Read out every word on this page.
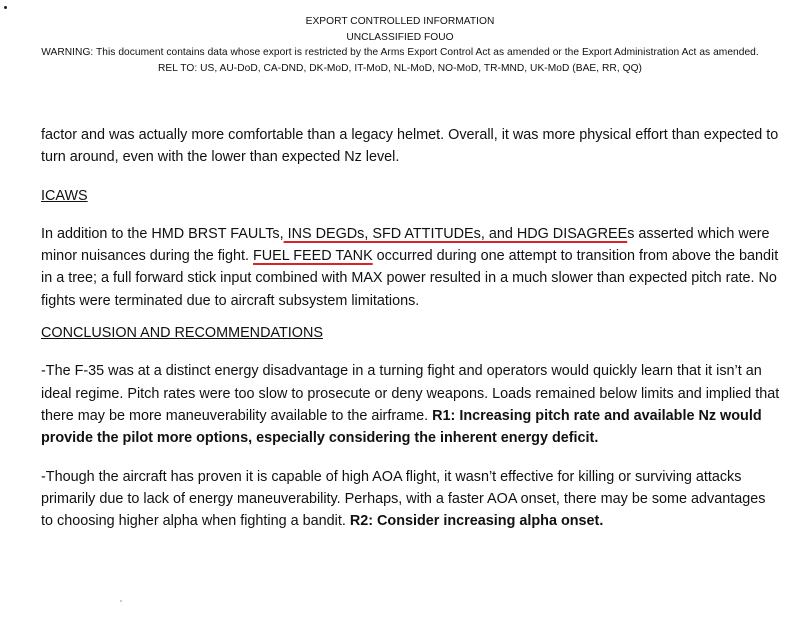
EXPORT CONTROLLED INFORMATION
UNCLASSIFIED FOUO
WARNING: This document contains data whose export is restricted by the Arms Export Control Act as amended or the Export Administration Act as amended.
REL TO: US, AU-DoD, CA-DND, DK-MoD, IT-MoD, NL-MoD, NO-MoD, TR-MND, UK-MoD (BAE, RR, QQ)

factor and was actually more comfortable than a legacy helmet. Overall, it was more physical effort than expected to turn around, even with the lower than expected Nz level.

ICAWS

In addition to the HMD BRST FAULTs, INS DEGDs, SFD ATTITUDEs, and HDG DISAGREEs asserted which were minor nuisances during the fight. FUEL FEED TANK occurred during one attempt to transition from above the bandit in a tree; a full forward stick input combined with MAX power resulted in a much slower than expected pitch rate. No fights were terminated due to aircraft subsystem limitations.

CONCLUSION AND RECOMMENDATIONS

-The F-35 was at a distinct energy disadvantage in a turning fight and operators would quickly learn that it isn’t an ideal regime. Pitch rates were too slow to prosecute or deny weapons. Loads remained below limits and implied that there may be more maneuverability available to the airframe. R1: Increasing pitch rate and available Nz would provide the pilot more options, especially considering the inherent energy deficit.

-Though the aircraft has proven it is capable of high AOA flight, it wasn’t effective for killing or surviving attacks primarily due to lack of energy maneuverability. Perhaps, with a faster AOA onset, there may be some advantages to choosing higher alpha when fighting a bandit. R2: Consider increasing alpha onset.
